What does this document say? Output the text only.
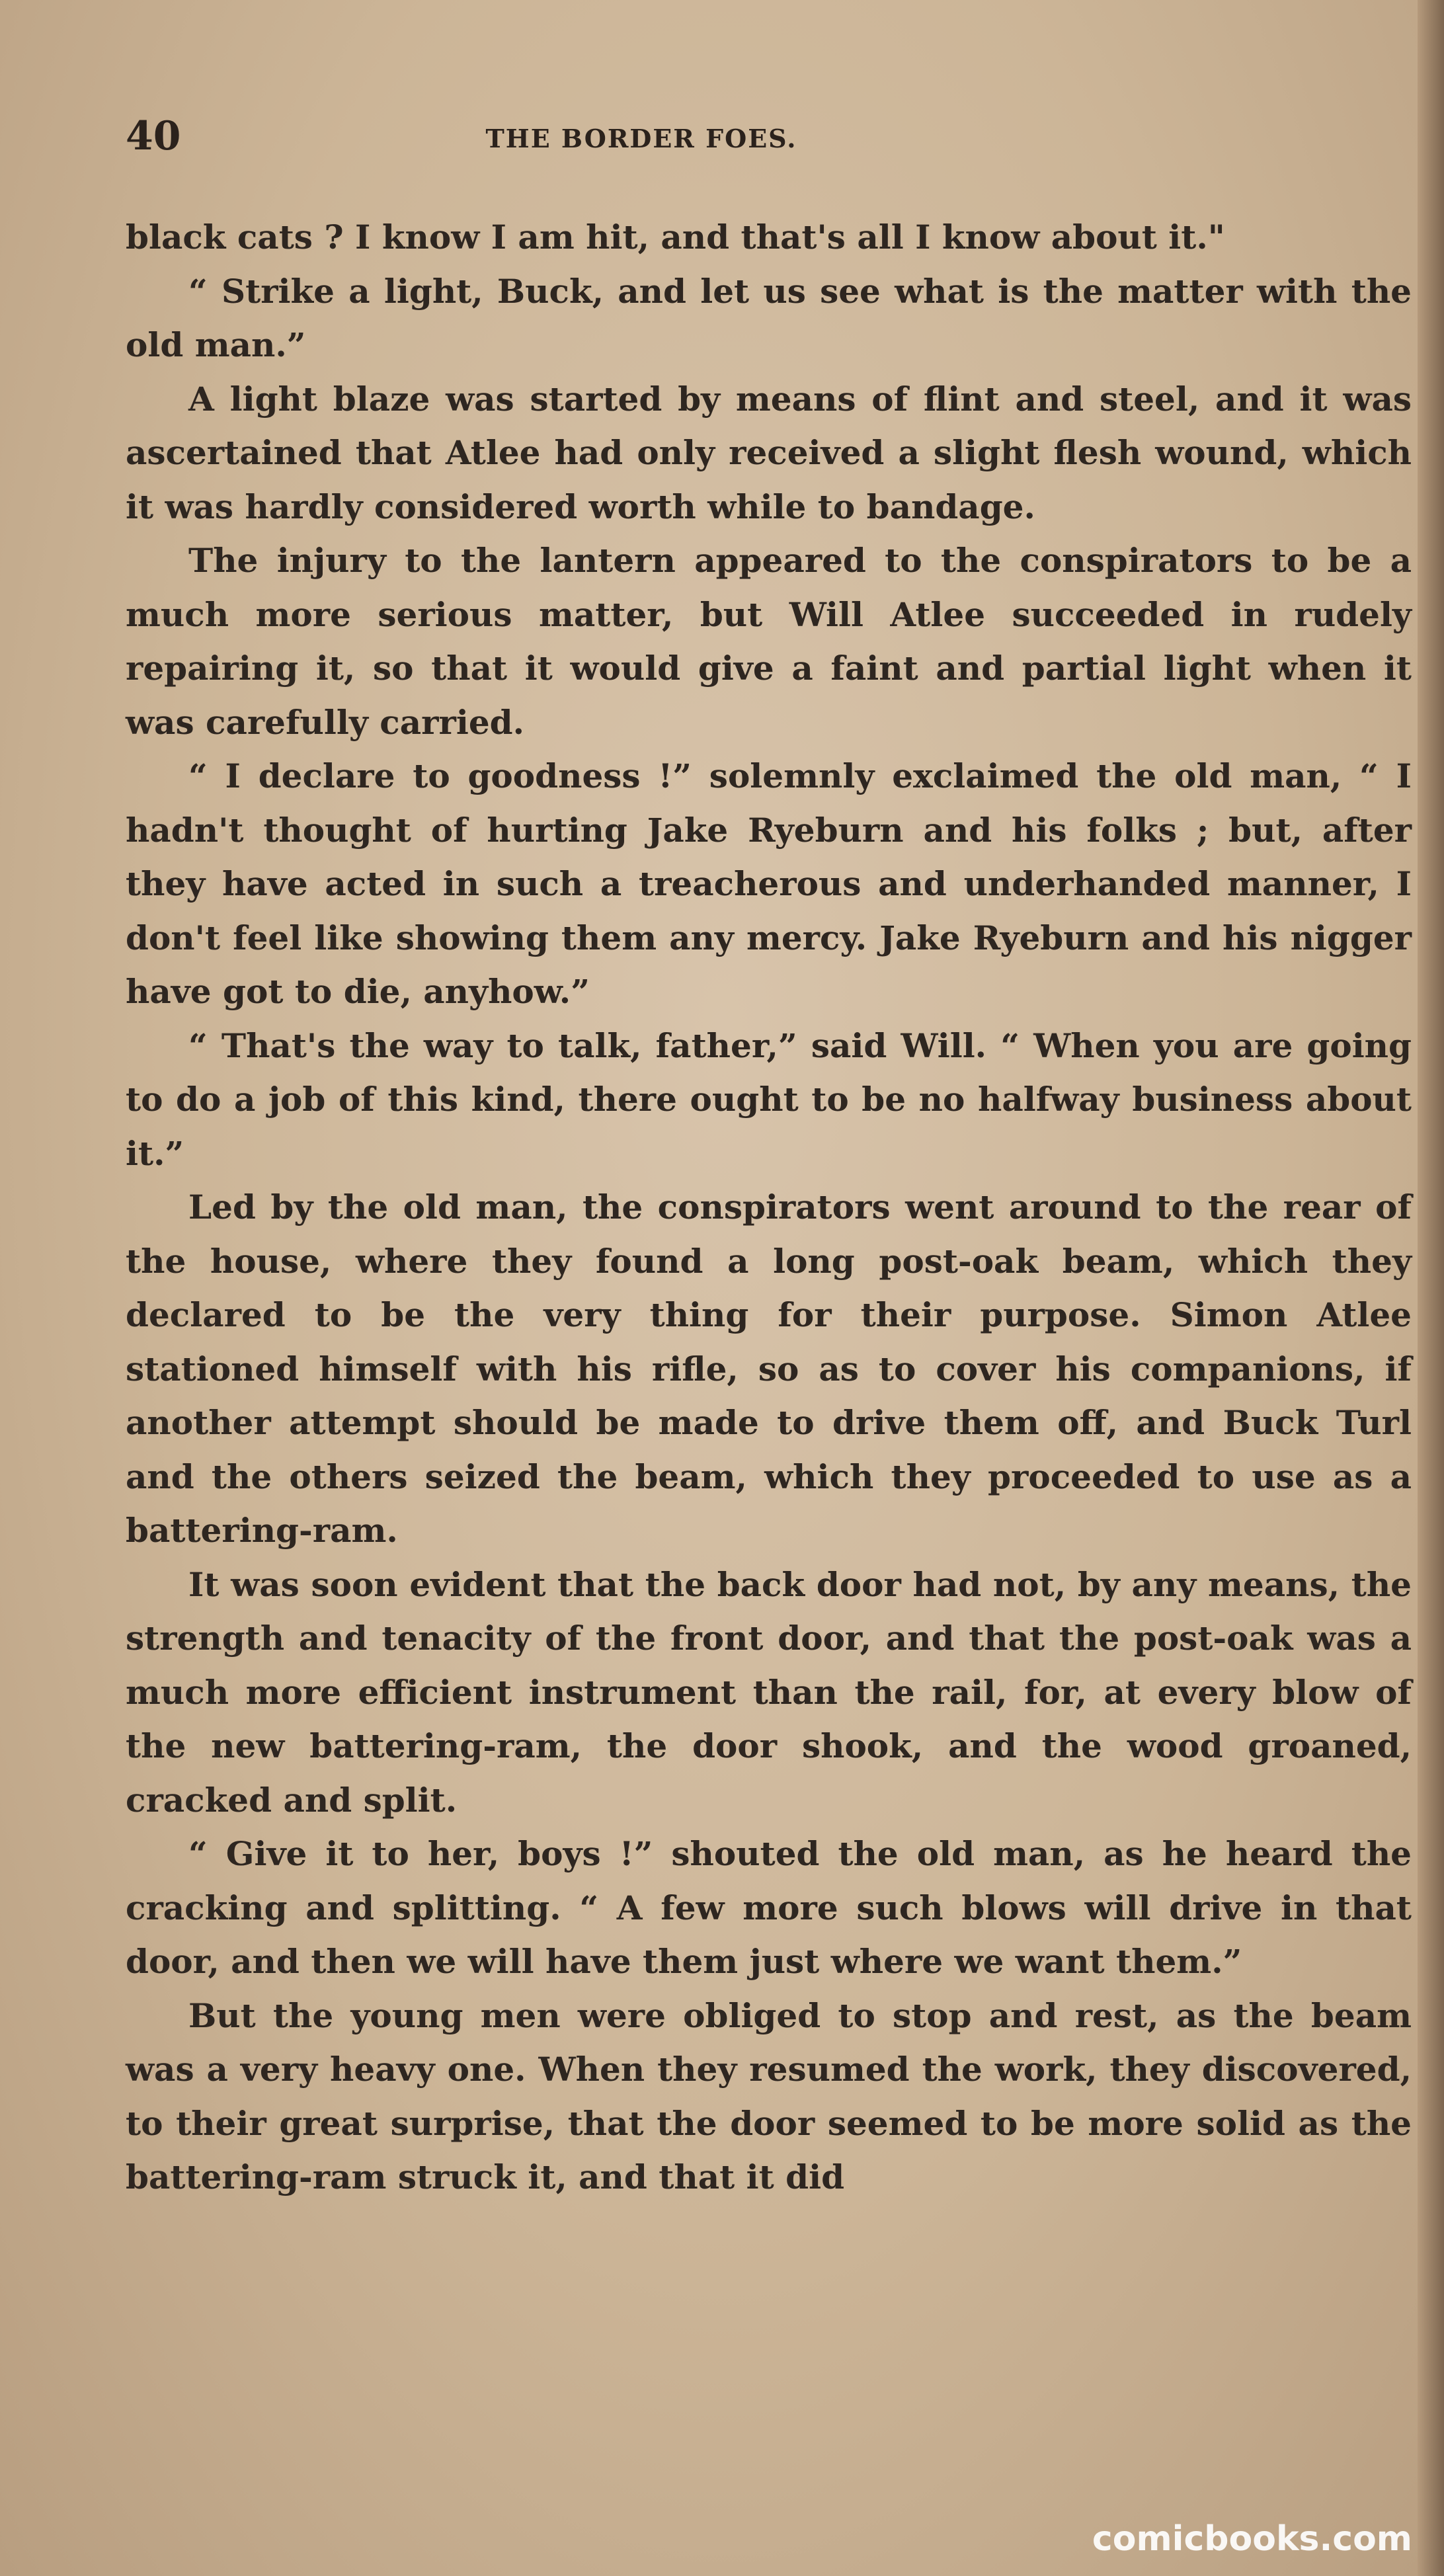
40	THE BORDER FOES.

black cats ? I know I am hit, and that's all I know about it."

“ Strike a light, Buck, and let us see what is the matter with the old man.”

A light blaze was started by means of flint and steel, and it was ascertained that Atlee had only received a slight flesh wound, which it was hardly considered worth while to bandage.

The injury to the lantern appeared to the conspirators to be a much more serious matter, but Will Atlee succeeded in rudely repairing it, so that it would give a faint and partial light when it was carefully carried.

“ I declare to goodness !” solemnly exclaimed the old man, “ I hadn't thought of hurting Jake Ryeburn and his folks ; but, after they have acted in such a treacherous and underhanded manner, I don't feel like showing them any mercy. Jake Ryeburn and his nigger have got to die, anyhow.”

“ That's the way to talk, father,” said Will. “ When you are going to do a job of this kind, there ought to be no halfway business about it.”

Led by the old man, the conspirators went around to the rear of the house, where they found a long post-oak beam, which they declared to be the very thing for their purpose. Simon Atlee stationed himself with his rifle, so as to cover his companions, if another attempt should be made to drive them off, and Buck Turl and the others seized the beam, which they proceeded to use as a battering-ram.

It was soon evident that the back door had not, by any means, the strength and tenacity of the front door, and that the post-oak was a much more efficient instrument than the rail, for, at every blow of the new battering-ram, the door shook, and the wood groaned, cracked and split.

“ Give it to her, boys !” shouted the old man, as he heard the cracking and splitting. “ A few more such blows will drive in that door, and then we will have them just where we want them.”

But the young men were obliged to stop and rest, as the beam was a very heavy one. When they resumed the work, they discovered, to their great surprise, that the door seemed to be more solid as the battering-ram struck it, and that it did

comicbooks.com
